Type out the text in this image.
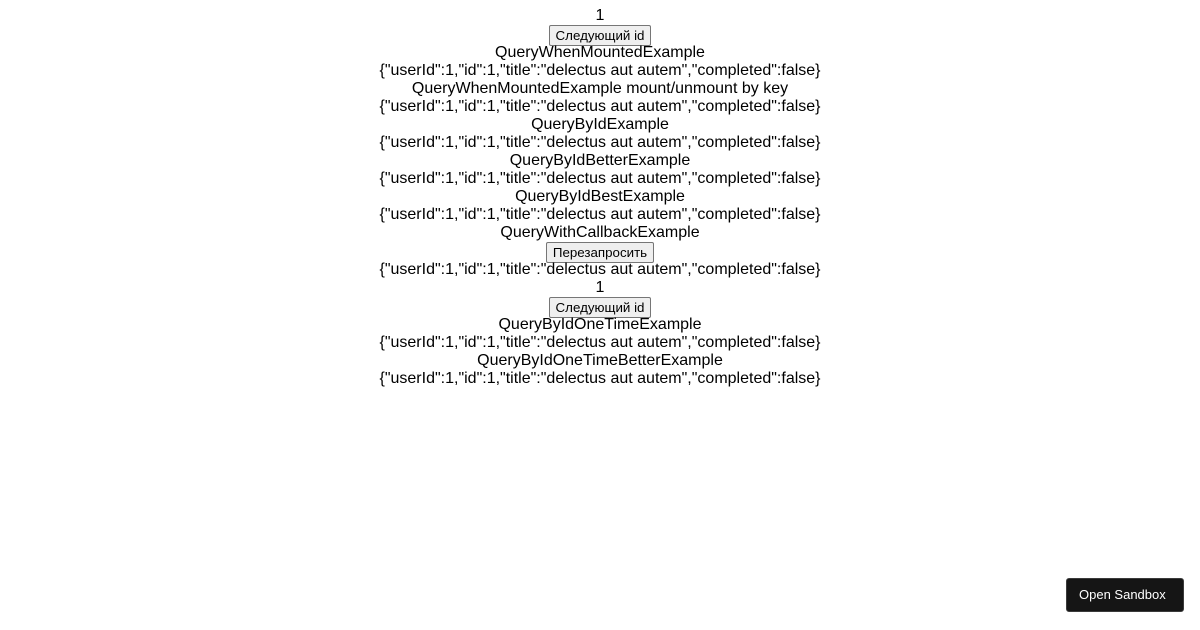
1
Следующий id
QueryWhenMountedExample
{"userId":1,"id":1,"title":"delectus aut autem","completed":false}
QueryWhenMountedExample mount/unmount by key
{"userId":1,"id":1,"title":"delectus aut autem","completed":false}
QueryByIdExample
{"userId":1,"id":1,"title":"delectus aut autem","completed":false}
QueryByIdBetterExample
{"userId":1,"id":1,"title":"delectus aut autem","completed":false}
QueryByIdBestExample
{"userId":1,"id":1,"title":"delectus aut autem","completed":false}
QueryWithCallbackExample
Перезапросить
{"userId":1,"id":1,"title":"delectus aut autem","completed":false}
1
Следующий id
QueryByIdOneTimeExample
{"userId":1,"id":1,"title":"delectus aut autem","completed":false}
QueryByIdOneTimeBetterExample
{"userId":1,"id":1,"title":"delectus aut autem","completed":false}
Open Sandbox
